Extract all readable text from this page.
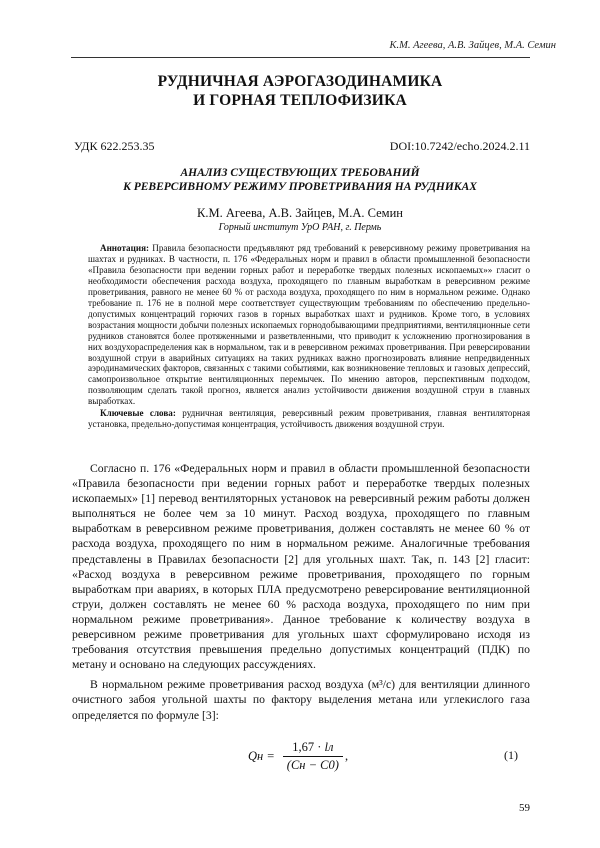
К.М. Агеева, А.В. Зайцев, М.А. Семин
РУДНИЧНАЯ АЭРОГАЗОДИНАМИКА
И ГОРНАЯ ТЕПЛОФИЗИКА
УДК 622.253.35	DOI:10.7242/echo.2024.2.11
АНАЛИЗ СУЩЕСТВУЮЩИХ ТРЕБОВАНИЙ
К РЕВЕРСИВНОМУ РЕЖИМУ ПРОВЕТРИВАНИЯ НА РУДНИКАХ
К.М. Агеева, А.В. Зайцев, М.А. Семин
Горный институт УрО РАН, г. Пермь

Аннотация: Правила безопасности предъявляют ряд требований к реверсивному режиму проветривания на шахтах и рудниках. В частности, п. 176 «Федеральных норм и правил в области промышленной безопасности «Правила безопасности при ведении горных работ и переработке твердых полезных ископаемых»» гласит о необходимости обеспечения расхода воздуха, проходящего по главным выработкам в реверсивном режиме проветривания, равного не менее 60 % от расхода воздуха, проходящего по ним в нормальном режиме. Однако требование п. 176 не в полной мере соответствует существующим требованиям по обеспечению предельно-допустимых концентраций горючих газов в горных выработках шахт и рудников. Кроме того, в условиях возрастания мощности добычи полезных ископаемых горнодобывающими предприятиями, вентиляционные сети рудников становятся более протяженными и разветвленными, что приводит к усложнению прогнозирования в них воздухораспределения как в нормальном, так и в реверсивном режимах проветривания. При реверсировании воздушной струи в аварийных ситуациях на таких рудниках важно прогнозировать влияние непредвиденных аэродинамических факторов, связанных с такими событиями, как возникновение тепловых и газовых депрессий, самопроизвольное открытие вентиляционных перемычек. По мнению авторов, перспективным подходом, позволяющим сделать такой прогноз, является анализ устойчивости движения воздушной струи в главных выработках.

Ключевые слова: рудничная вентиляция, реверсивный режим проветривания, главная вентиляторная установка, предельно-допустимая концентрация, устойчивость движения воздушной струи.

Согласно п. 176 «Федеральных норм и правил в области промышленной безопасности «Правила безопасности при ведении горных работ и переработке твердых полезных ископаемых» [1] перевод вентиляторных установок на реверсивный режим работы должен выполняться не более чем за 10 минут. Расход воздуха, проходящего по главным выработкам в реверсивном режиме проветривания, должен составлять не менее 60 % от расхода воздуха, проходящего по ним в нормальном режиме. Аналогичные требования представлены в Правилах безопасности [2] для угольных шахт. Так, п. 143 [2] гласит: «Расход воздуха в реверсивном режиме проветривания, проходящего по горным выработкам при авариях, в которых ПЛА предусмотрено реверсирование вентиляционной струи, должен составлять не менее 60 % расхода воздуха, проходящего по ним при нормальном режиме проветривания». Данное требование к количеству воздуха в реверсивном режиме проветривания для угольных шахт сформулировано исходя из требования отсутствия превышения предельно допустимых концентраций (ПДК) по метану и основано на следующих рассуждениях.

В нормальном режиме проветривания расход воздуха (м³/c) для вентиляции длинного очистного забоя угольной шахты по фактору выделения метана или углекислого газа определяется по формуле [3]:

Qн = $\frac{1,67 \cdot lл}{(Cн - C0)}$ ,	(1)
59
